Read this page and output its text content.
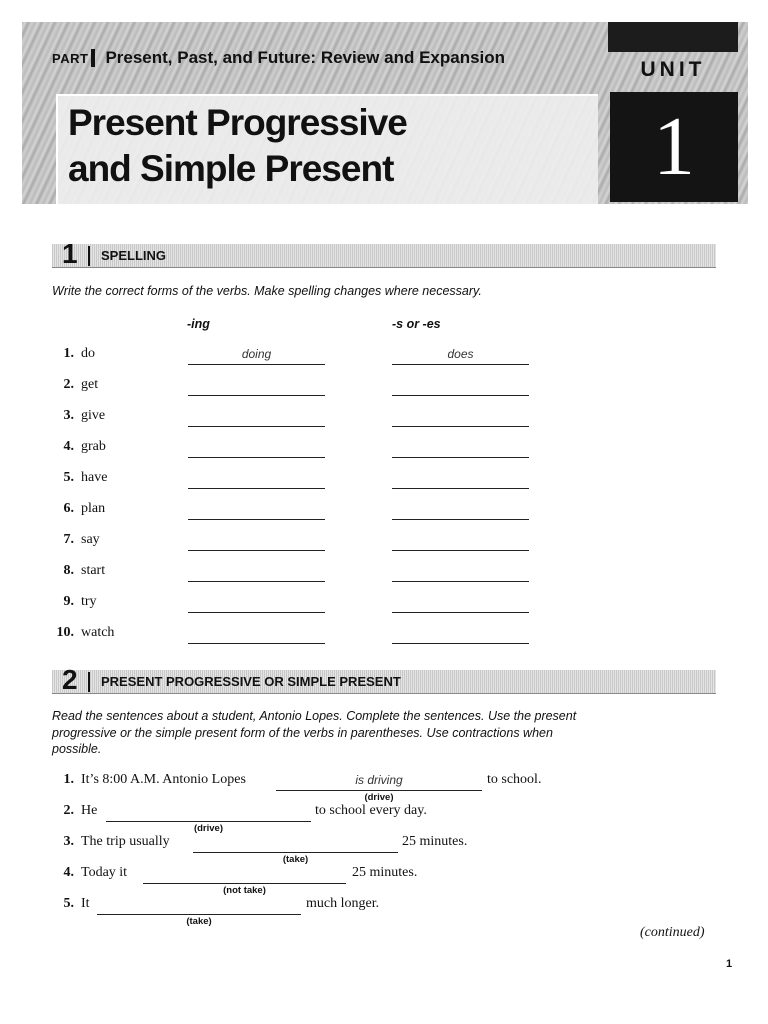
PART Present, Past, and Future: Review and Expansion
Present Progressive
and Simple Present
UNIT
1
1 SPELLING
Write the correct forms of the verbs. Make spelling changes where necessary.
-ing	-s or -es
1. do	doing	does
2. get
3. give
4. grab
5. have
6. plan
7. say
8. start
9. try
10. watch
2 PRESENT PROGRESSIVE OR SIMPLE PRESENT
Read the sentences about a student, Antonio Lopes. Complete the sentences. Use the present progressive or the simple present form of the verbs in parentheses. Use contractions when possible.
1. It’s 8:00 A.M. Antonio Lopes	is driving
(drive)
to school.
2. He
(drive)
to school every day.
3. The trip usually
(take)
25 minutes.
4. Today it
(not take)
25 minutes.
5. It
(take)
much longer.
(continued)
1
